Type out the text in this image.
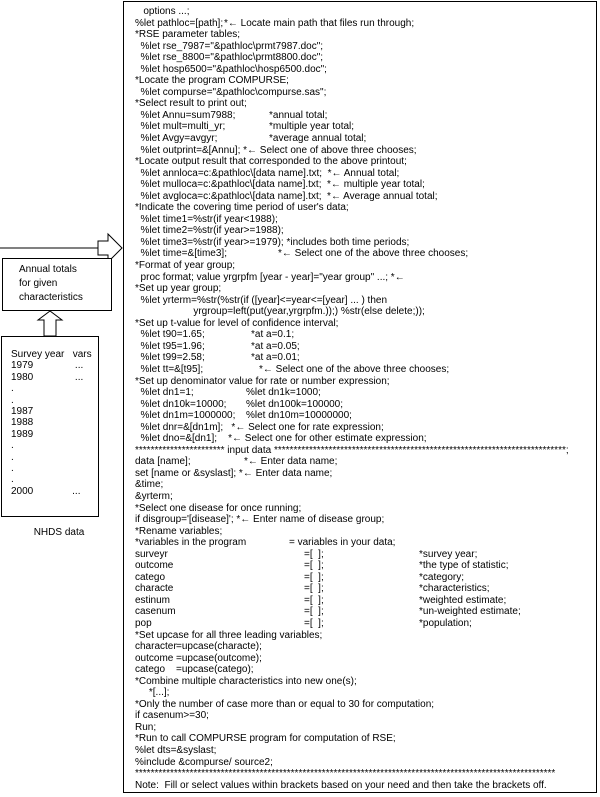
Annual totals
for given
characteristics
Survey year   vars
1979               ...
1980               ...
.
.
1987
1988
1989
.
.
.
.
2000              ...
NHDS data
options ...;
%let pathloc=[path];*← Locate main path that files run through;
*RSE parameter tables;
%let rse_7987="&pathloc\prmt7987.doc";
%let rse_8800="&pathloc\prmt8800.doc";
%let hosp6500="&pathloc\hosp6500.doc";
*Locate the program COMPURSE;
%let compurse="&pathloc\compurse.sas";
*Select result to print out;
%let Annu=sum7988;	*annual total;
%let mult=multi_yr;	*multiple year total;
%let Avgy=avgyr;	*average annual total;
%let outprint=&[Annu]; *← Select one of above three chooses;
*Locate output result that corresponded to the above printout;
%let annloca=c:&pathloc\[data name].txt;  *← Annual total;
%let mulloca=c:&pathloc\[data name].txt;  *← multiple year total;
%let avgloca=c:&pathloc\[data name].txt;  *← Average annual total;
*Indicate the covering time period of user's data;
%let time1=%str(if year<1988);
%let time2=%str(if year>=1988);
%let time3=%str(if year>=1979); *includes both time periods;
%let time=&[time3];	*← Select one of the above three chooses;
*Format of year group;
proc format; value yrgrpfm [year - year]="year group" ...; *←
*Set up year group;
%let yrterm=%str(%str(if ([year]<=year<=[year] ... ) then
yrgroup=left(put(year,yrgrpfm.));) %str(else delete;));
*Set up t-value for level of confidence interval;
%let t90=1.65;	*at a=0.1;
%let t95=1.96;	*at a=0.05;
%let t99=2.58;	*at a=0.01;
%let tt=&[t95];	*← Select one of the above three chooses;
*Set up denominator value for rate or number expression;
%let dn1=1;	%let dn1k=1000;
%let dn10k=10000; %let dn100k=100000;
%let dn1m=1000000; %let dn10m=10000000;
%let dnr=&[dn1m];   *← Select one for rate expression;
%let dno=&[dn1];    *← Select one for other estimate expression;
*********************** input data ***************************************************************************;
data [name];	*← Enter data name;
set [name or &syslast]; *← Enter data name;
&time;
&yrterm;
*Select one disease for once running;
if disgroup='[disease]'; *← Enter name of disease group;
*Rename variables;
*variables in the program	= variables in your data;
surveyr	=[  ];	*survey year;
outcome	=[  ];	*the type of statistic;
catego	=[  ];	*category;
characte	=[  ];	*characteristics;
estinum	=[  ];	*weighted estimate;
casenum	=[  ];	*un-weighted estimate;
pop	=[  ];	*population;
*Set upcase for all three leading variables;
character=upcase(characte);
outcome =upcase(outcome);
catego =upcase(catego);
*Combine multiple characteristics into new one(s);
*[...];
*Only the number of case more than or equal to 30 for computation;
if casenum>=30;
Run;
*Run to call COMPURSE program for computation of RSE;
%let dts=&syslast;
%include &compurse/ source2;
************************************************************************************************************
Note:  Fill or select values within brackets based on your need and then take the brackets off.
